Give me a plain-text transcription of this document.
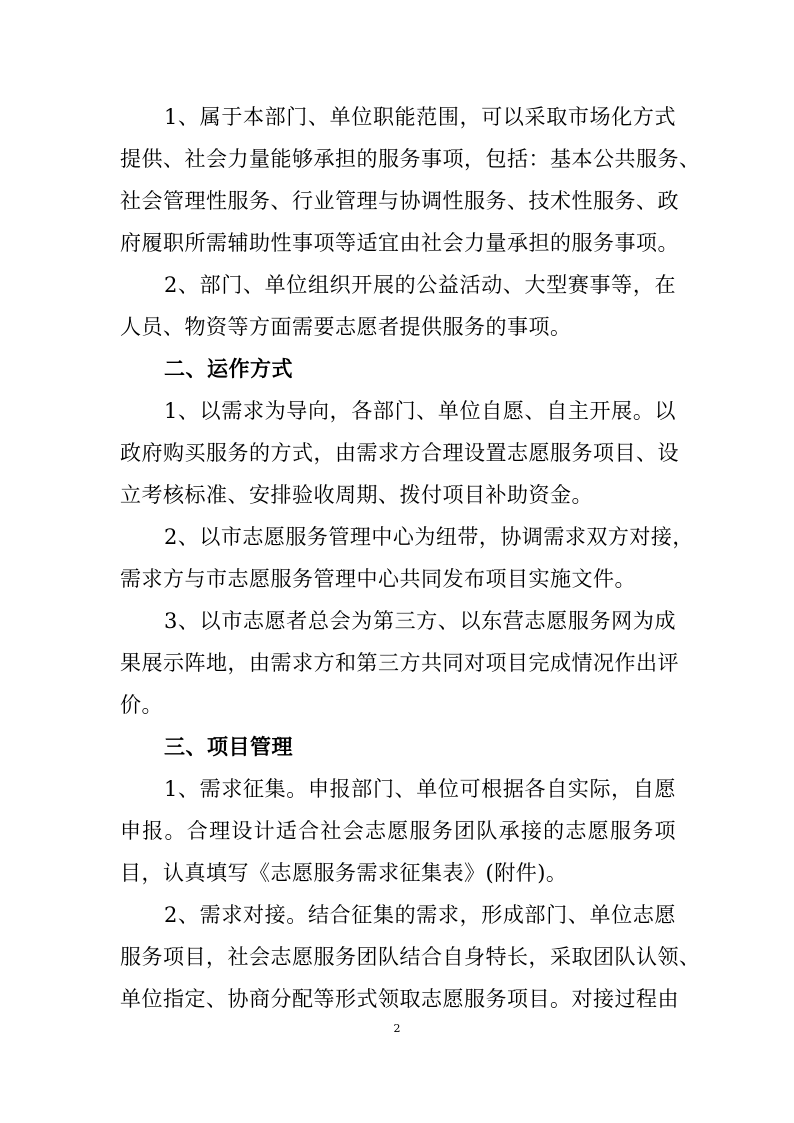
1、属于本部门、单位职能范围，可以采取市场化方式
提供、社会力量能够承担的服务事项，包括：基本公共服务、
社会管理性服务、行业管理与协调性服务、技术性服务、政
府履职所需辅助性事项等适宜由社会力量承担的服务事项。
2、部门、单位组织开展的公益活动、大型赛事等，在
人员、物资等方面需要志愿者提供服务的事项。
二、运作方式
1、以需求为导向，各部门、单位自愿、自主开展。以
政府购买服务的方式，由需求方合理设置志愿服务项目、设
立考核标准、安排验收周期、拨付项目补助资金。
2、以市志愿服务管理中心为纽带，协调需求双方对接，
需求方与市志愿服务管理中心共同发布项目实施文件。
3、以市志愿者总会为第三方、以东营志愿服务网为成
果展示阵地，由需求方和第三方共同对项目完成情况作出评
价。
三、项目管理
1、需求征集。申报部门、单位可根据各自实际，自愿
申报。合理设计适合社会志愿服务团队承接的志愿服务项
目，认真填写《志愿服务需求征集表》(附件)。
2、需求对接。结合征集的需求，形成部门、单位志愿
服务项目，社会志愿服务团队结合自身特长，采取团队认领、
单位指定、协商分配等形式领取志愿服务项目。对接过程由
2
